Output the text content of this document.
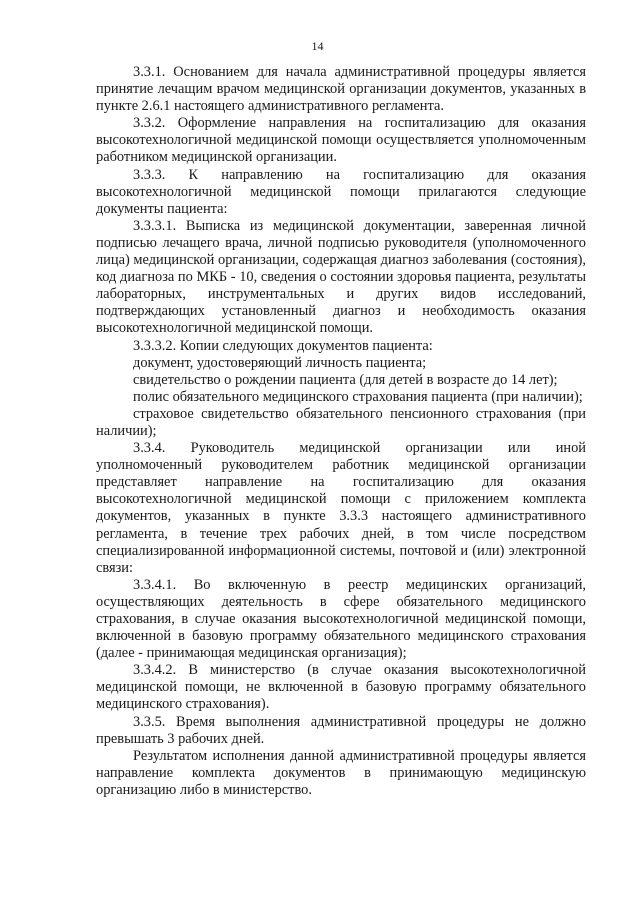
14

3.3.1. Основанием для начала административной процедуры является принятие лечащим врачом медицинской организации документов, указанных в пункте 2.6.1 настоящего административного регламента.

3.3.2. Оформление направления на госпитализацию для оказания высокотехнологичной медицинской помощи осуществляется уполномоченным работником медицинской организации.

3.3.3. К направлению на госпитализацию для оказания высокотехнологичной медицинской помощи прилагаются следующие документы пациента:

3.3.3.1. Выписка из медицинской документации, заверенная личной подписью лечащего врача, личной подписью руководителя (уполномоченного лица) медицинской организации, содержащая диагноз заболевания (состояния), код диагноза по МКБ - 10, сведения о состоянии здоровья пациента, результаты лабораторных, инструментальных и других видов исследований, подтверждающих установленный диагноз и необходимость оказания высокотехнологичной медицинской помощи.

3.3.3.2. Копии следующих документов пациента:

документ, удостоверяющий личность пациента;

свидетельство о рождении пациента (для детей в возрасте до 14 лет);

полис обязательного медицинского страхования пациента (при наличии);

страховое свидетельство обязательного пенсионного страхования (при наличии);

3.3.4. Руководитель медицинской организации или иной уполномоченный руководителем работник медицинской организации представляет направление на госпитализацию для оказания высокотехнологичной медицинской помощи с приложением комплекта документов, указанных в пункте 3.3.3 настоящего административного регламента, в течение трех рабочих дней, в том числе посредством специализированной информационной системы, почтовой и (или) электронной связи:

3.3.4.1. Во включенную в реестр медицинских организаций, осуществляющих деятельность в сфере обязательного медицинского страхования, в случае оказания высокотехнологичной медицинской помощи, включенной в базовую программу обязательного медицинского страхования (далее - принимающая медицинская организация);

3.3.4.2. В министерство (в случае оказания высокотехнологичной медицинской помощи, не включенной в базовую программу обязательного медицинского страхования).

3.3.5. Время выполнения административной процедуры не должно превышать 3 рабочих дней.

Результатом исполнения данной административной процедуры является направление комплекта документов в принимающую медицинскую организацию либо в министерство.
